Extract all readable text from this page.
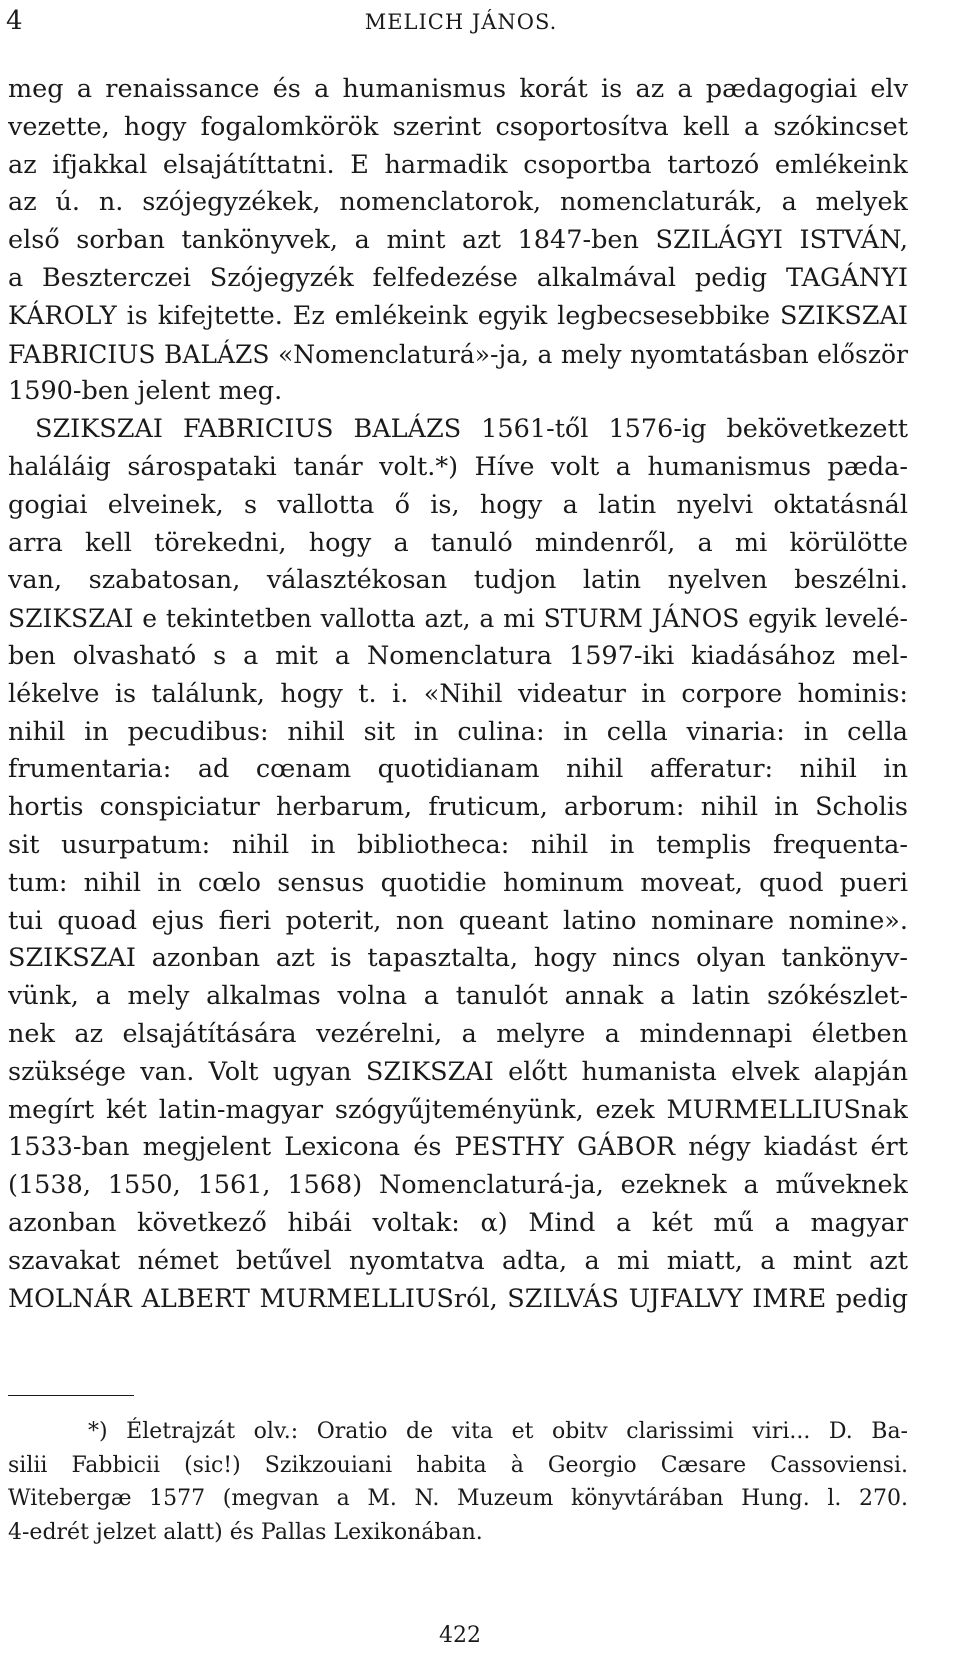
4	MELICH JÁNOS.
meg a renaissance és a humanismus korát is az a pædagogiai elv
vezette, hogy fogalomkörök szerint csoportosítva kell a szókincset
az ifjakkal elsajátíttatni. E harmadik csoportba tartozó emlékeink
az ú. n. szójegyzékek, nomenclatorok, nomenclaturák, a melyek
első sorban tankönyvek, a mint azt 1847-ben SZILÁGYI ISTVÁN,
a Beszterczei Szójegyzék felfedezése alkalmával pedig TAGÁNYI
KÁROLY is kifejtette. Ez emlékeink egyik legbecsesebbike SZIKSZAI
FABRICIUS BALÁZS «Nomenclaturá»-ja, a mely nyomtatásban először
1590-ben jelent meg.
SZIKSZAI FABRICIUS BALÁZS 1561-től 1576-ig bekövetkezett
haláláig sárospataki tanár volt.*) Híve volt a humanismus pæda-
gogiai elveinek, s vallotta ő is, hogy a latin nyelvi oktatásnál
arra kell törekedni, hogy a tanuló mindenről, a mi körülötte
van, szabatosan, választékosan tudjon latin nyelven beszélni.
SZIKSZAI e tekintetben vallotta azt, a mi STURM JÁNOS egyik levelé-
ben olvasható s a mit a Nomenclatura 1597-iki kiadásához mel-
lékelve is találunk, hogy t. i. «Nihil videatur in corpore hominis:
nihil in pecudibus: nihil sit in culina: in cella vinaria: in cella
frumentaria: ad cœnam quotidianam nihil afferatur: nihil in
hortis conspiciatur herbarum, fruticum, arborum: nihil in Scholis
sit usurpatum: nihil in bibliotheca: nihil in templis frequenta-
tum: nihil in cœlo sensus quotidie hominum moveat, quod pueri
tui quoad ejus fieri poterit, non queant latino nominare nomine».
SZIKSZAI azonban azt is tapasztalta, hogy nincs olyan tankönyv-
vünk, a mely alkalmas volna a tanulót annak a latin szókészlet-
nek az elsajátítására vezérelni, a melyre a mindennapi életben
szüksége van. Volt ugyan SZIKSZAI előtt humanista elvek alapján
megírt két latin-magyar szógyűjteményünk, ezek MURMELLIUSnak
1533-ban megjelent Lexicona és PESTHY GÁBOR négy kiadást ért
(1538, 1550, 1561, 1568) Nomenclaturá-ja, ezeknek a műveknek
azonban következő hibái voltak: α) Mind a két mű a magyar
szavakat német betűvel nyomtatva adta, a mi miatt, a mint azt
MOLNÁR ALBERT MURMELLIUSról, SZILVÁS UJFALVY IMRE pedig
*) Életrajzát olv.: Oratio de vita et obitv clarissimi viri... D. Ba-
silii Fabbicii (sic!) Szikzouiani habita à Georgio Cæsare Cassoviensi.
Witebergæ 1577 (megvan a M. N. Muzeum könyvtárában Hung. l. 270.
4-edrét jelzet alatt) és Pallas Lexikonában.
422
